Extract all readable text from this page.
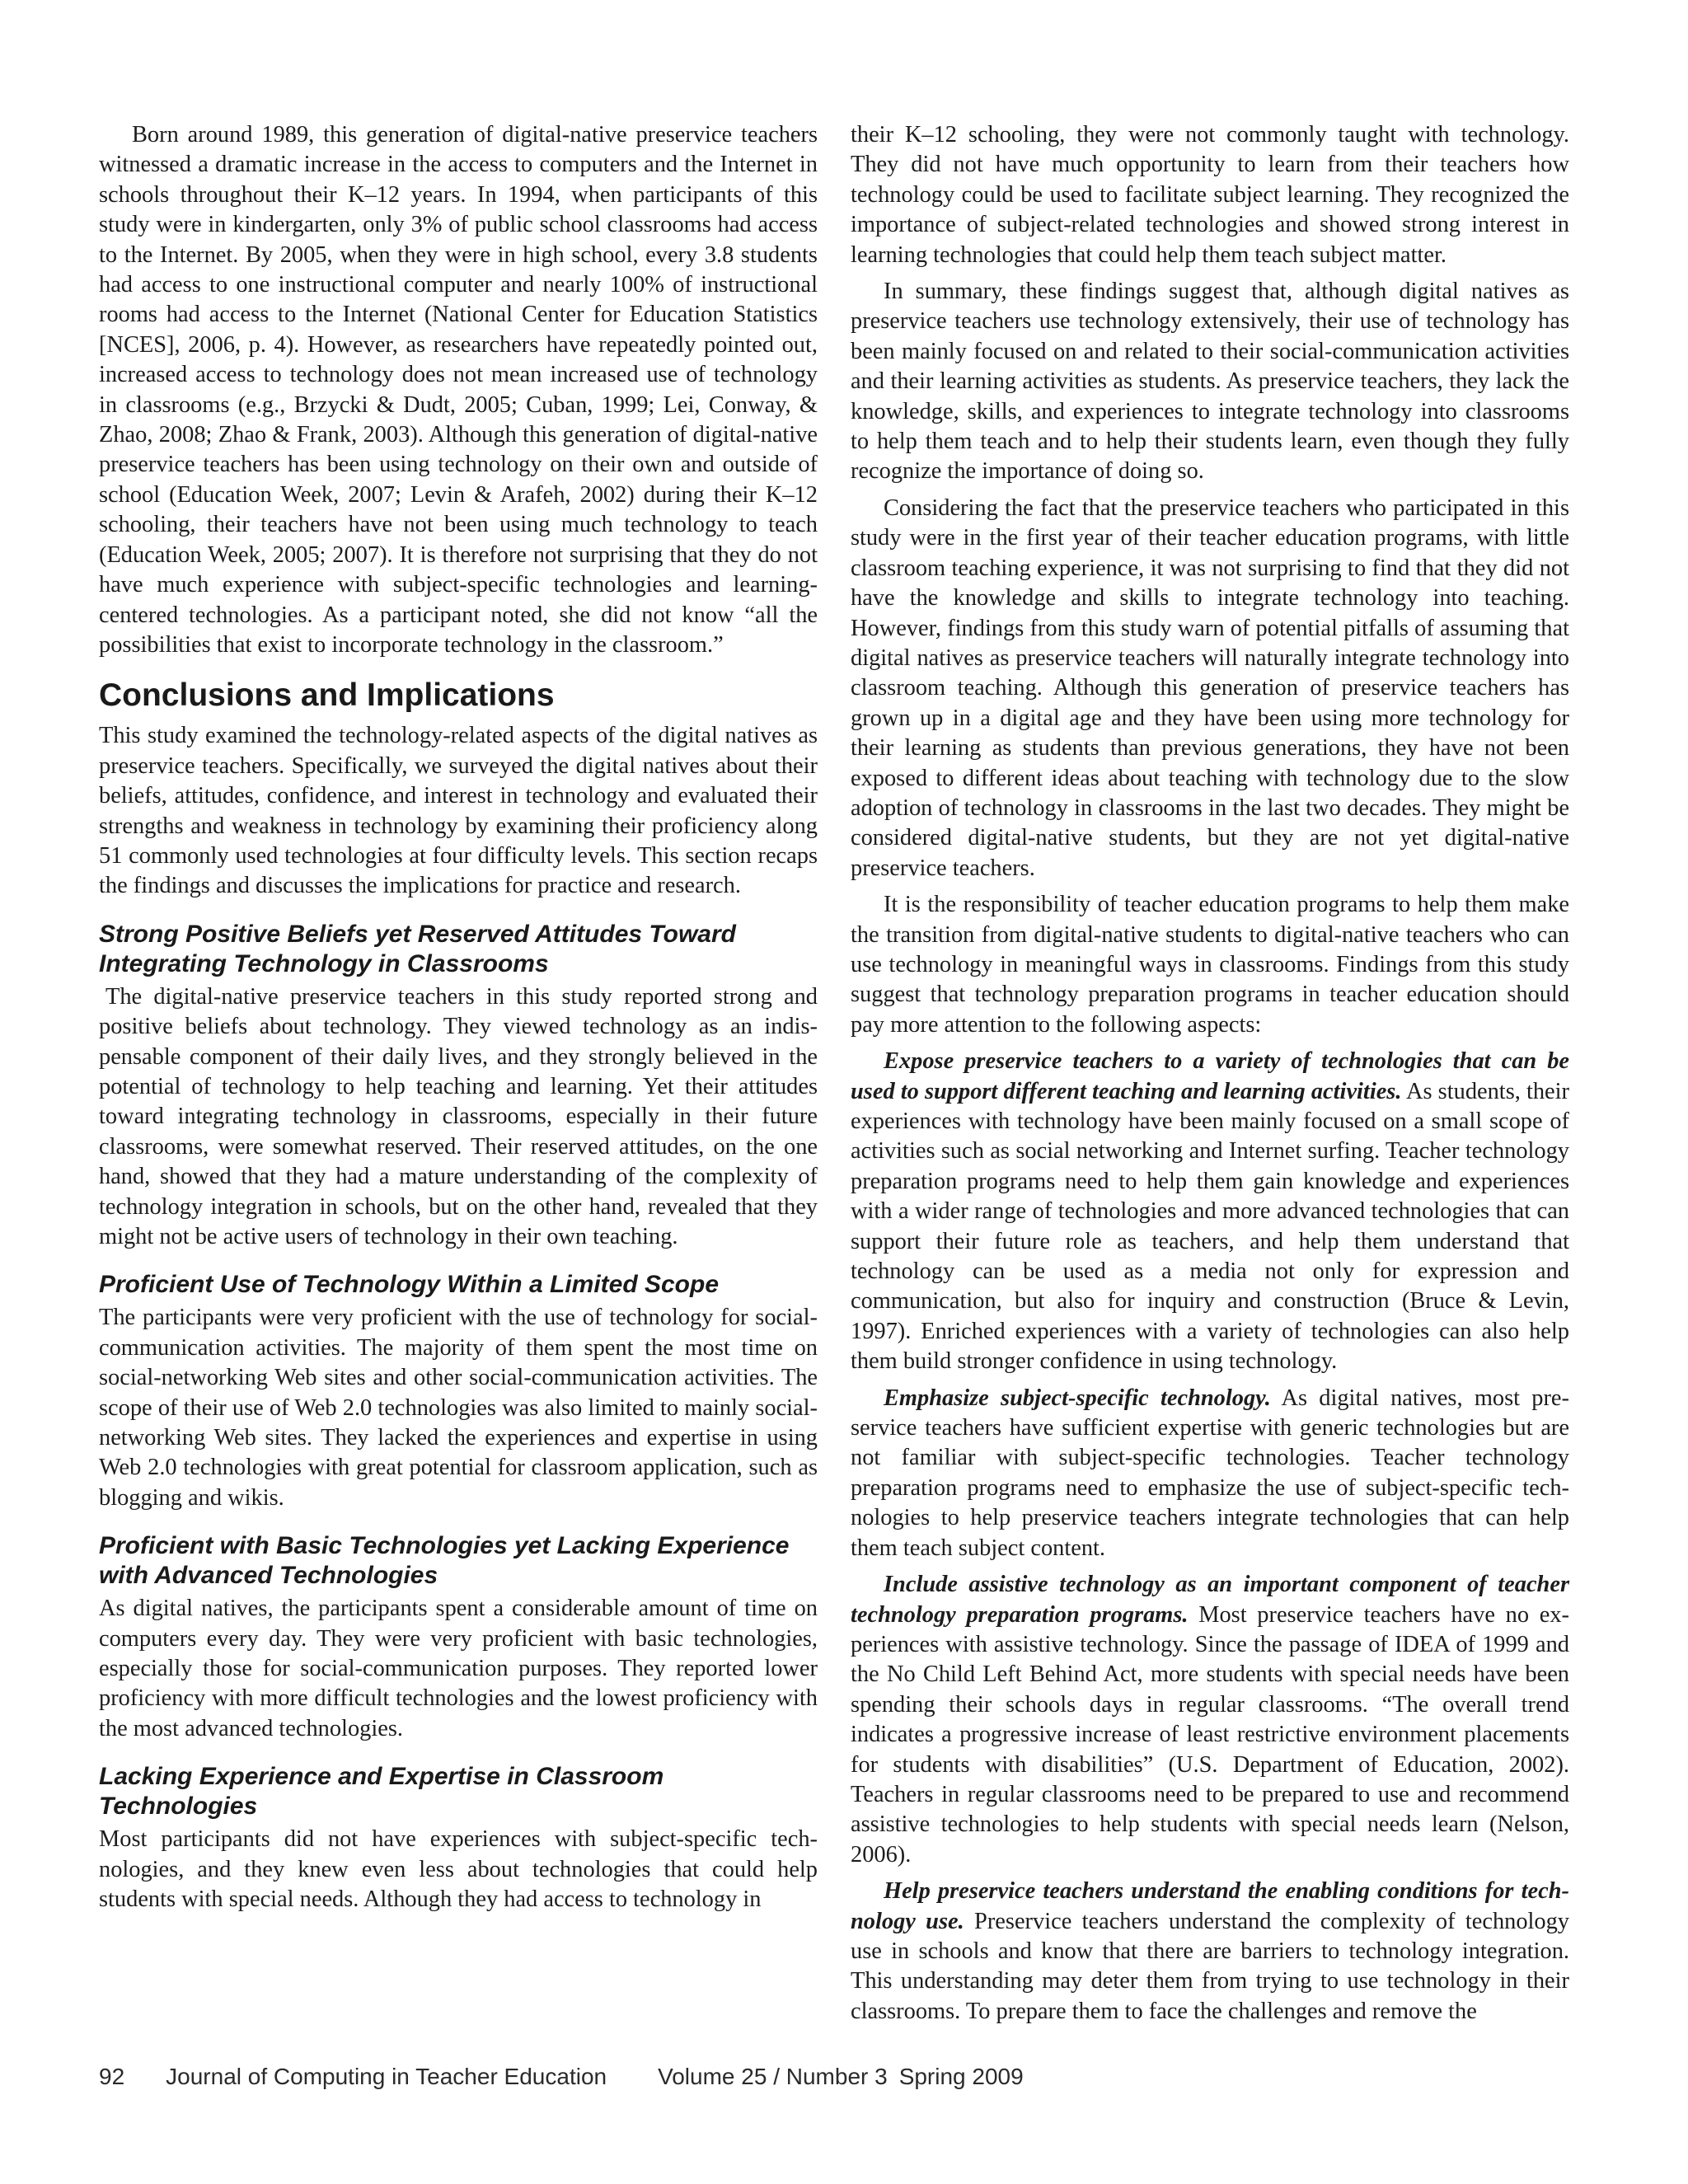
Born around 1989, this generation of digital-native preservice teachers witnessed a dramatic increase in the access to computers and the Internet in schools throughout their K–12 years. In 1994, when participants of this study were in kindergarten, only 3% of public school classrooms had access to the Internet. By 2005, when they were in high school, every 3.8 students had access to one instructional computer and nearly 100% of instructional rooms had access to the Internet (National Center for Education Statistics [NCES], 2006, p. 4). However, as researchers have repeatedly pointed out, increased access to technology does not mean increased use of technology in classrooms (e.g., Brzycki & Dudt, 2005; Cuban, 1999; Lei, Conway, & Zhao, 2008; Zhao & Frank, 2003). Although this generation of digital-native preservice teachers has been using technology on their own and outside of school (Education Week, 2007; Levin & Arafeh, 2002) during their K–12 schooling, their teachers have not been using much technology to teach (Education Week, 2005; 2007). It is therefore not surprising that they do not have much experience with subject-specific technologies and learning-centered technologies. As a participant noted, she did not know “all the possibilities that exist to incorporate technology in the classroom.”

Conclusions and Implications

This study examined the technology-related aspects of the digital natives as preservice teachers. Specifically, we surveyed the digital natives about their beliefs, attitudes, confidence, and interest in technology and evaluated their strengths and weakness in technology by examining their proficiency along 51 commonly used technologies at four difficulty levels. This section recaps the findings and discusses the implications for practice and research.

Strong Positive Beliefs yet Reserved Attitudes Toward Integrating Technology in Classrooms

The digital-native preservice teachers in this study reported strong and positive beliefs about technology. They viewed technology as an indispensable component of their daily lives, and they strongly believed in the potential of technology to help teaching and learning. Yet their attitudes toward integrating technology in classrooms, especially in their future classrooms, were somewhat reserved. Their reserved attitudes, on the one hand, showed that they had a mature understanding of the complexity of technology integration in schools, but on the other hand, revealed that they might not be active users of technology in their own teaching.

Proficient Use of Technology Within a Limited Scope

The participants were very proficient with the use of technology for social-communication activities. The majority of them spent the most time on social-networking Web sites and other social-communication activities. The scope of their use of Web 2.0 technologies was also limited to mainly social-networking Web sites. They lacked the experiences and expertise in using Web 2.0 technologies with great potential for classroom application, such as blogging and wikis.

Proficient with Basic Technologies yet Lacking Experience with Advanced Technologies

As digital natives, the participants spent a considerable amount of time on computers every day. They were very proficient with basic technologies, especially those for social-communication purposes. They reported lower proficiency with more difficult technologies and the lowest proficiency with the most advanced technologies.

Lacking Experience and Expertise in Classroom Technologies

Most participants did not have experiences with subject-specific technologies, and they knew even less about technologies that could help students with special needs. Although they had access to technology in

their K–12 schooling, they were not commonly taught with technology. They did not have much opportunity to learn from their teachers how technology could be used to facilitate subject learning. They recognized the importance of subject-related technologies and showed strong interest in learning technologies that could help them teach subject matter.

In summary, these findings suggest that, although digital natives as preservice teachers use technology extensively, their use of technology has been mainly focused on and related to their social-communication activities and their learning activities as students. As preservice teachers, they lack the knowledge, skills, and experiences to integrate technology into classrooms to help them teach and to help their students learn, even though they fully recognize the importance of doing so.

Considering the fact that the preservice teachers who participated in this study were in the first year of their teacher education programs, with little classroom teaching experience, it was not surprising to find that they did not have the knowledge and skills to integrate technology into teaching. However, findings from this study warn of potential pitfalls of assuming that digital natives as preservice teachers will naturally integrate technology into classroom teaching. Although this generation of preservice teachers has grown up in a digital age and they have been using more technology for their learning as students than previous generations, they have not been exposed to different ideas about teaching with technology due to the slow adoption of technology in classrooms in the last two decades. They might be considered digital-native students, but they are not yet digital-native preservice teachers.

It is the responsibility of teacher education programs to help them make the transition from digital-native students to digital-native teachers who can use technology in meaningful ways in classrooms. Findings from this study suggest that technology preparation programs in teacher education should pay more attention to the following aspects:

Expose preservice teachers to a variety of technologies that can be used to support different teaching and learning activities. As students, their experiences with technology have been mainly focused on a small scope of activities such as social networking and Internet surfing. Teacher technology preparation programs need to help them gain knowledge and experiences with a wider range of technologies and more advanced technologies that can support their future role as teachers, and help them understand that technology can be used as a media not only for expression and communication, but also for inquiry and construction (Bruce & Levin, 1997). Enriched experiences with a variety of technologies can also help them build stronger confidence in using technology.

Emphasize subject-specific technology. As digital natives, most preservice teachers have sufficient expertise with generic technologies but are not familiar with subject-specific technologies. Teacher technology preparation programs need to emphasize the use of subject-specific technologies to help preservice teachers integrate technologies that can help them teach subject content.

Include assistive technology as an important component of teacher technology preparation programs. Most preservice teachers have no experiences with assistive technology. Since the passage of IDEA of 1999 and the No Child Left Behind Act, more students with special needs have been spending their schools days in regular classrooms. “The overall trend indicates a progressive increase of least restrictive environment placements for students with disabilities” (U.S. Department of Education, 2002). Teachers in regular classrooms need to be prepared to use and recommend assistive technologies to help students with special needs learn (Nelson, 2006).

Help preservice teachers understand the enabling conditions for technology use. Preservice teachers understand the complexity of technology use in schools and know that there are barriers to technology integration. This understanding may deter them from trying to use technology in their classrooms. To prepare them to face the challenges and remove the

92 Journal of Computing in Teacher Education Volume 25 / Number 3 Spring 2009
